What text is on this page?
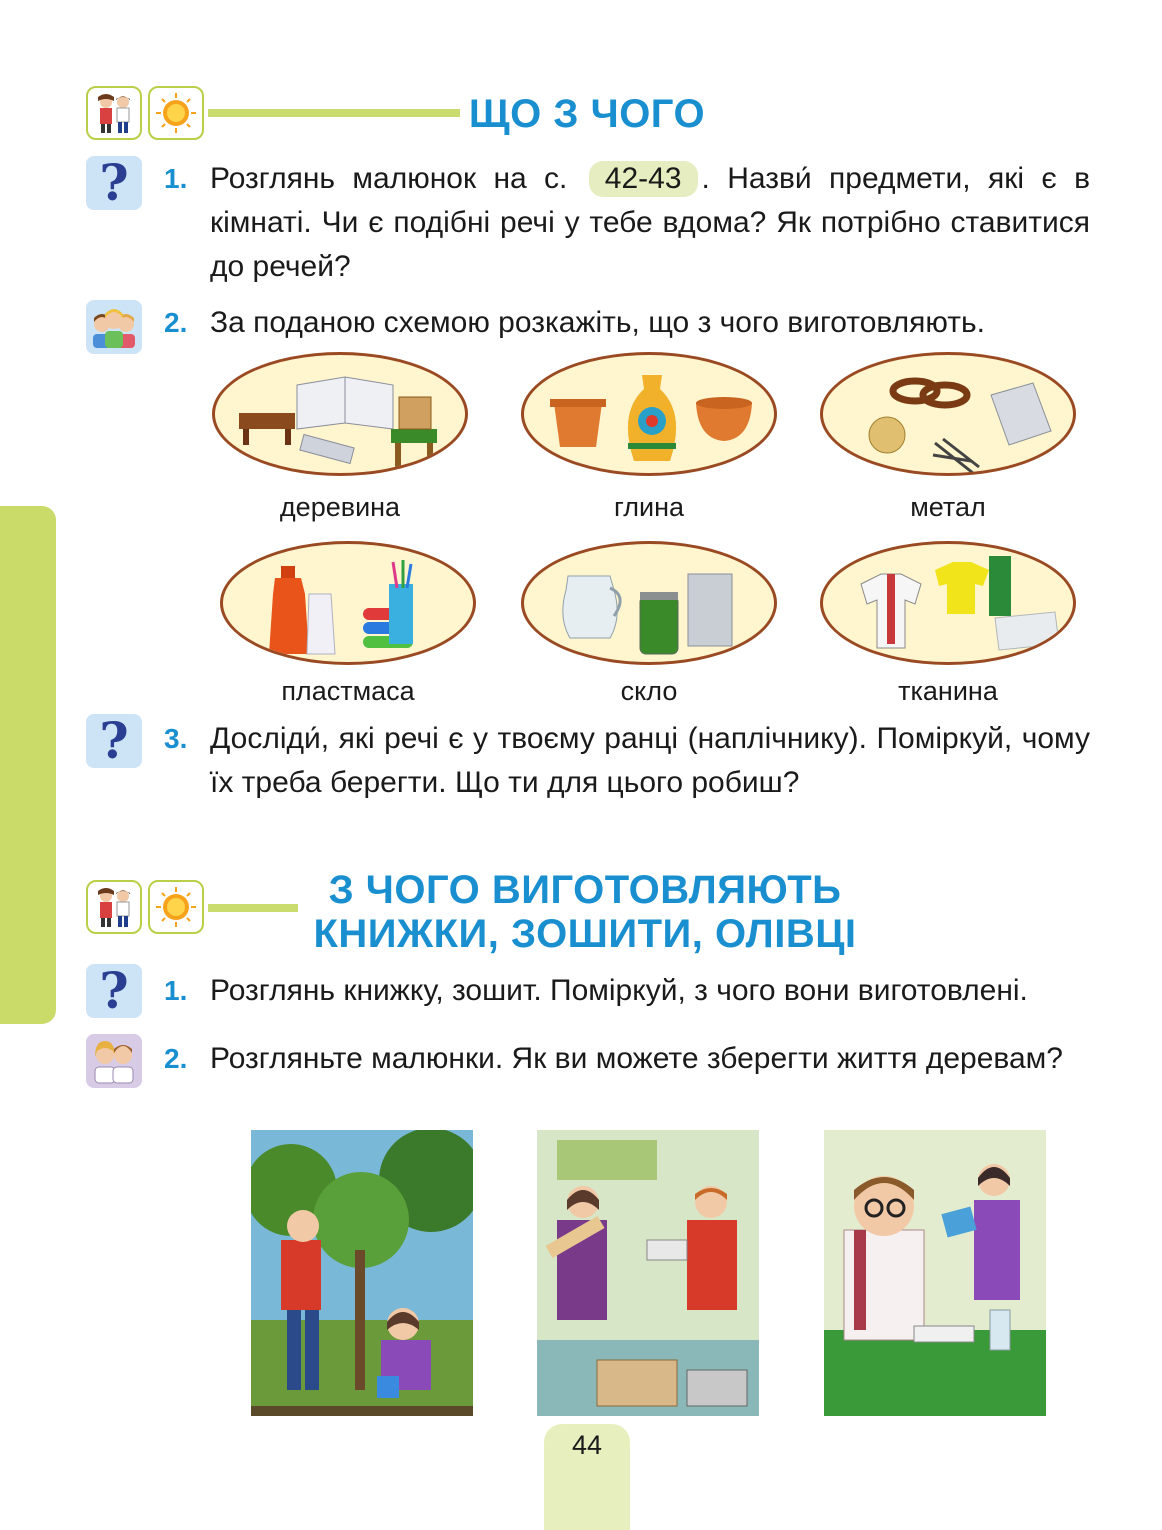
ЩО З ЧОГО
? 1. Розглянь малюнок на с. 42-43 . Назви́ предмети, які є в кімнаті. Чи є подібні речі у тебе вдома? Як потрібно ставитися до речей?
2. За поданою схемою розкажіть, що з чого виготовляють.
деревина	глина	метал
пластмаса	скло	тканина
? 3. Досліди́, які речі є у твоєму ранці (наплічнику). Поміркуй, чому їх треба берегти. Що ти для цього робиш?
З ЧОГО ВИГОТОВЛЯЮТЬ
КНИЖКИ, ЗОШИТИ, ОЛІВЦІ
? 1. Розглянь книжку, зошит. Поміркуй, з чого вони виготовлені.
2. Розгляньте малюнки. Як ви можете зберегти життя деревам?
44
